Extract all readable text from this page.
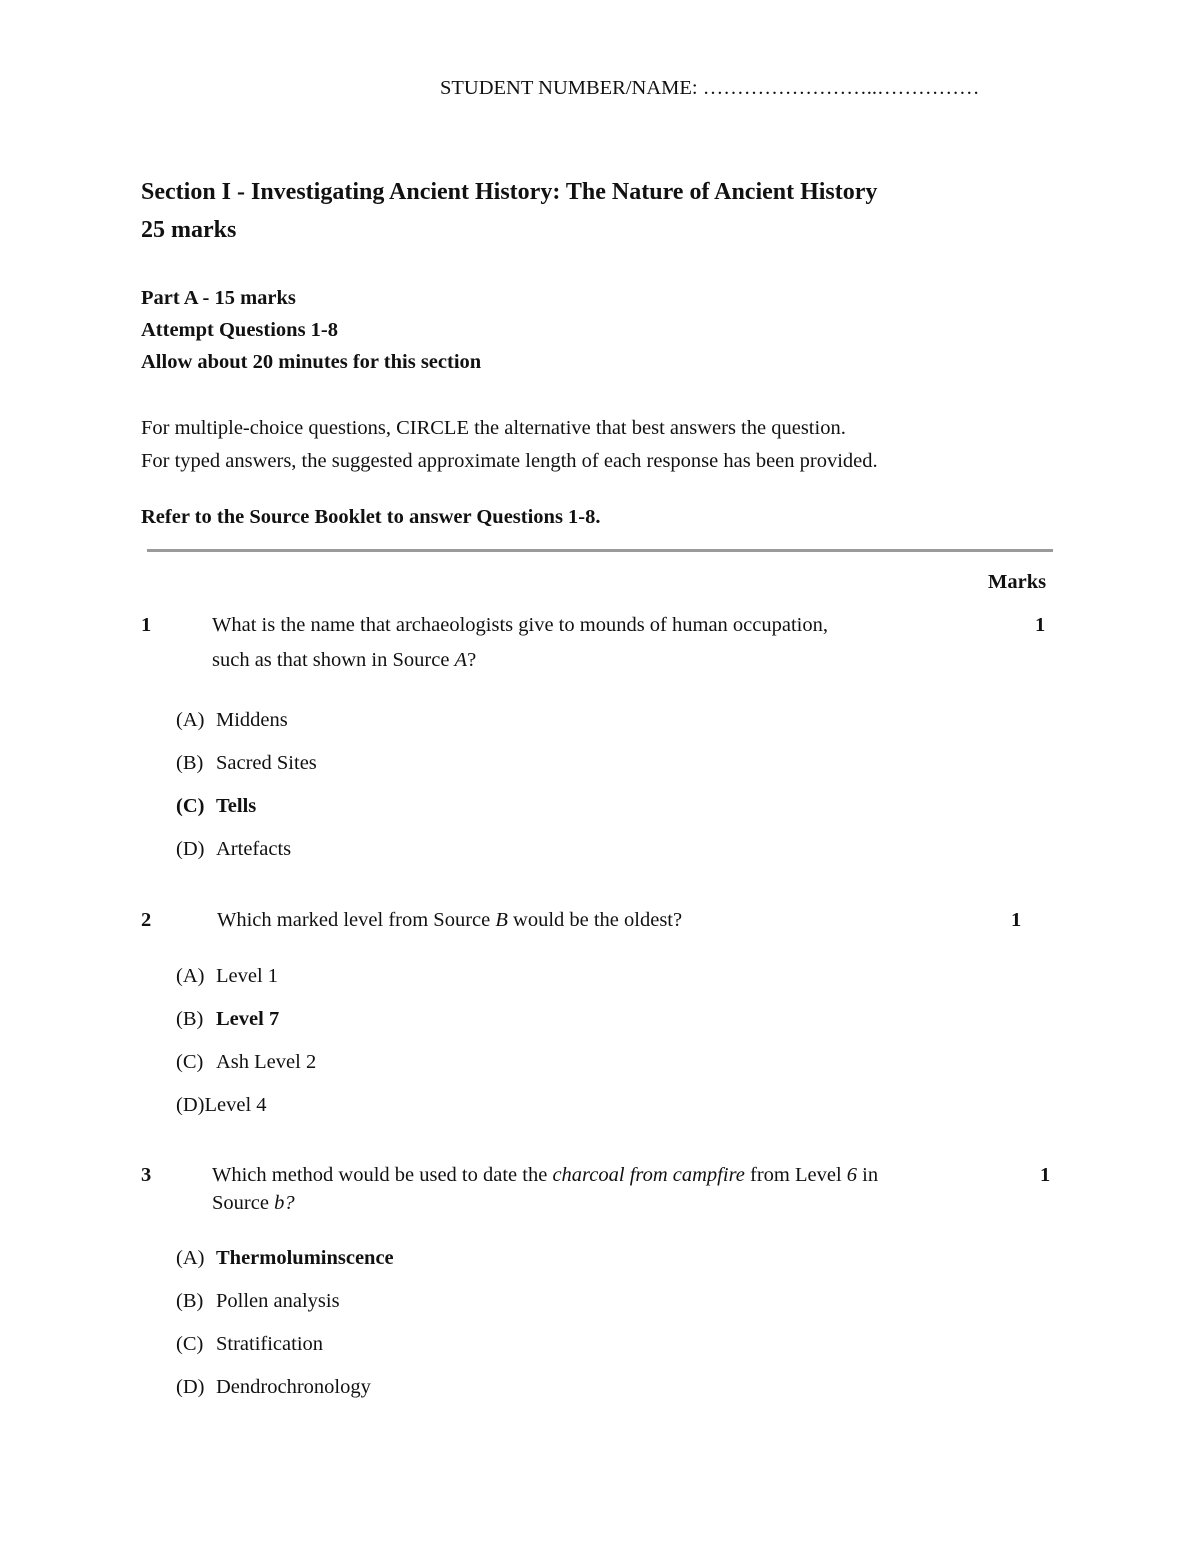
STUDENT NUMBER/NAME: ……………………..……………
Section I - Investigating Ancient History: The Nature of Ancient History
25 marks
Part A - 15 marks
Attempt Questions 1-8
Allow about 20 minutes for this section
For multiple-choice questions, CIRCLE the alternative that best answers the question.
For typed answers, the suggested approximate length of each response has been provided.
Refer to the Source Booklet to answer Questions 1-8.
Marks
1	What is the name that archaeologists give to mounds of human occupation,
such as that shown in Source A?
1
(A) Middens
(B) Sacred Sites
(C) Tells
(D) Artefacts
2	Which marked level from Source B would be the oldest?	1
(A) Level 1
(B) Level 7
(C) Ash Level 2
(D)Level 4
3	Which method would be used to date the charcoal from campfire from Level 6 in
Source b?
1
(A) Thermoluminscence
(B) Pollen analysis
(C) Stratification
(D) Dendrochronology
